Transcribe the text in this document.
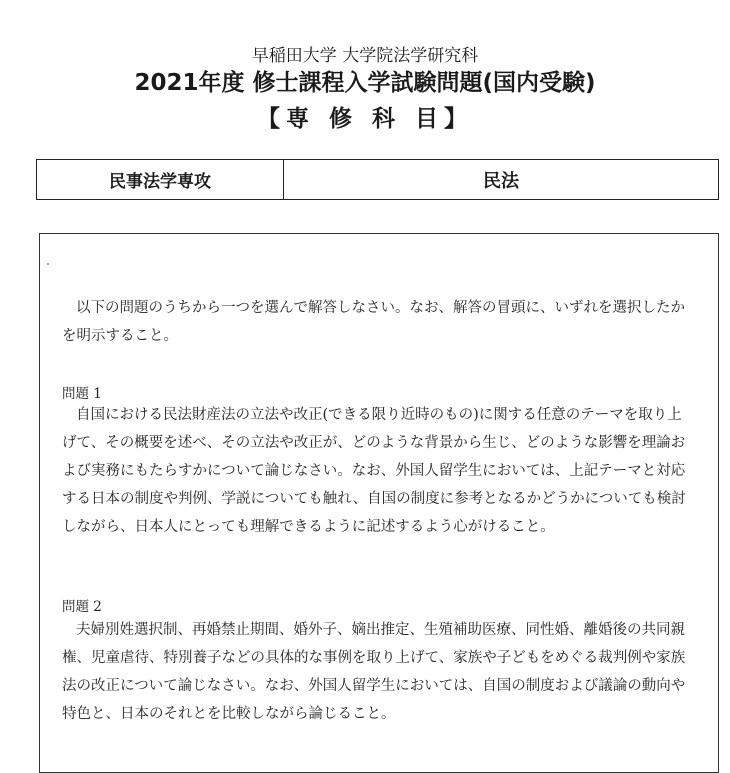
早稲田大学 大学院法学研究科
2021年度 修士課程入学試験問題(国内受験)
【専 修 科 目】
民事法学専攻	民法
以下の問題のうちから一つを選んで解答しなさい。なお、解答の冒頭に、いずれを選択したかを明示すること。
問題 1
自国における民法財産法の立法や改正(できる限り近時のもの)に関する任意のテーマを取り上げて、その概要を述べ、その立法や改正が、どのような背景から生じ、どのような影響を理論および実務にもたらすかについて論じなさい。なお、外国人留学生においては、上記テーマと対応する日本の制度や判例、学説についても触れ、自国の制度に参考となるかどうかについても検討しながら、日本人にとっても理解できるように記述するよう心がけること。
問題 2
夫婦別姓選択制、再婚禁止期間、婚外子、嫡出推定、生殖補助医療、同性婚、離婚後の共同親権、児童虐待、特別養子などの具体的な事例を取り上げて、家族や子どもをめぐる裁判例や家族法の改正について論じなさい。なお、外国人留学生においては、自国の制度および議論の動向や特色と、日本のそれとを比較しながら論じること。
